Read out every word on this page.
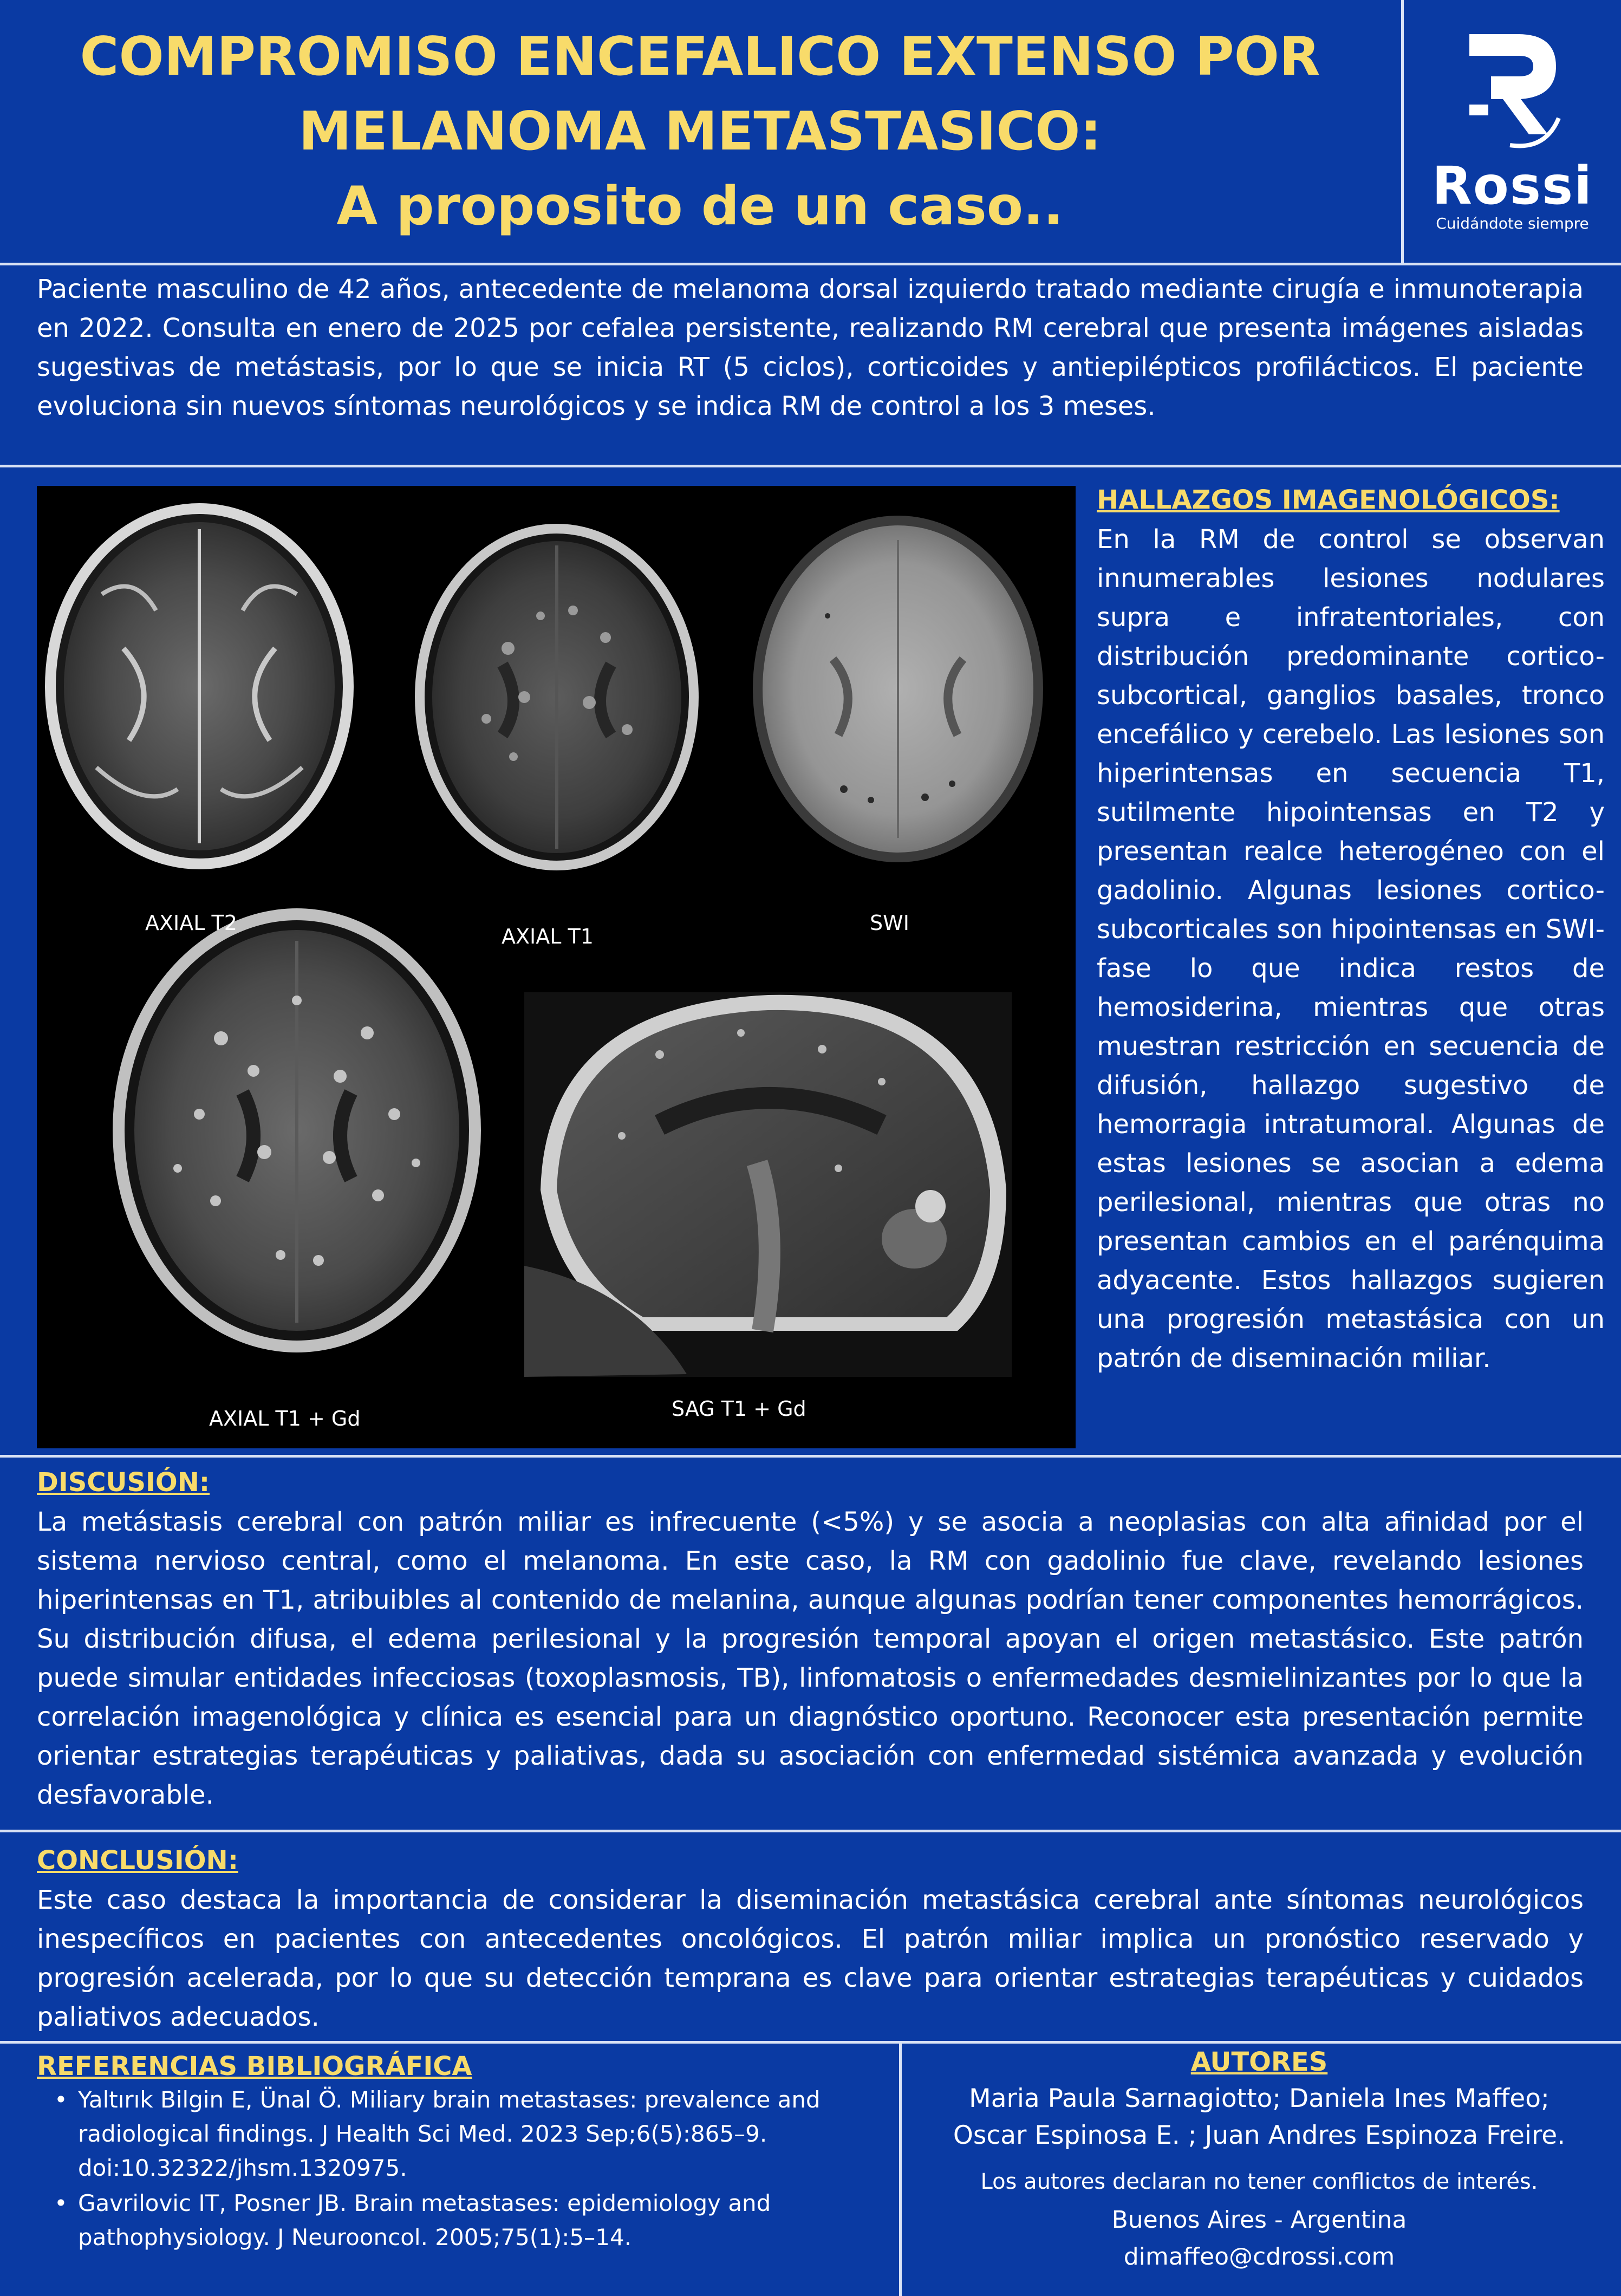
COMPROMISO ENCEFALICO EXTENSO POR
MELANOMA METASTASICO:
A proposito de un caso..	Rossi
Cuidándote siempre
Paciente masculino de 42 años, antecedente de melanoma dorsal izquierdo tratado mediante cirugía e inmunoterapia en 2022. Consulta en enero de 2025 por cefalea persistente, realizando RM cerebral que presenta imágenes aisladas sugestivas de metástasis, por lo que se inicia RT (5 ciclos), corticoides y antiepilépticos profilácticos. El paciente evoluciona sin nuevos síntomas neurológicos y se indica RM de control a los 3 meses.
AXIAL T2
AXIAL T1
SWI
AXIAL T1 + Gd	SAG T1 + Gd
HALLAZGOS IMAGENOLÓGICOS:
En la RM de control se observan innumerables lesiones nodulares supra e infratentoriales, con distribución predominante cortico-subcortical, ganglios basales, tronco encefálico y cerebelo. Las lesiones son hiperintensas en secuencia T1, sutilmente hipointensas en T2 y presentan realce heterogéneo con el gadolinio. Algunas lesiones cortico-subcorticales son hipointensas en SWI-fase lo que indica restos de hemosiderina, mientras que otras muestran restricción en secuencia de difusión, hallazgo sugestivo de hemorragia intratumoral. Algunas de estas lesiones se asocian a edema perilesional, mientras que otras no presentan cambios en el parénquima adyacente. Estos hallazgos sugieren una progresión metastásica con un patrón de diseminación miliar.
DISCUSIÓN:
La metástasis cerebral con patrón miliar es infrecuente (<5%) y se asocia a neoplasias con alta afinidad por el sistema nervioso central, como el melanoma. En este caso, la RM con gadolinio fue clave, revelando lesiones hiperintensas en T1, atribuibles al contenido de melanina, aunque algunas podrían tener componentes hemorrágicos. Su distribución difusa, el edema perilesional y la progresión temporal apoyan el origen metastásico. Este patrón puede simular entidades infecciosas (toxoplasmosis, TB), linfomatosis o enfermedades desmielinizantes por lo que la correlación imagenológica y clínica es esencial para un diagnóstico oportuno. Reconocer esta presentación permite orientar estrategias terapéuticas y paliativas, dada su asociación con enfermedad sistémica avanzada y evolución desfavorable.
CONCLUSIÓN:
Este caso destaca la importancia de considerar la diseminación metastásica cerebral ante síntomas neurológicos inespecíficos en pacientes con antecedentes oncológicos. El patrón miliar implica un pronóstico reservado y progresión acelerada, por lo que su detección temprana es clave para orientar estrategias terapéuticas y cuidados paliativos adecuados.
REFERENCIAS BIBLIOGRÁFICA
• Yaltırık Bilgin E, Ünal Ö. Miliary brain metastases: prevalence and radiological findings. J Health Sci Med. 2023 Sep;6(5):865–9. doi:10.32322/jhsm.1320975.
• Gavrilovic IT, Posner JB. Brain metastases: epidemiology and pathophysiology. J Neurooncol. 2005;75(1):5–14.
AUTORES
Maria Paula Sarnagiotto; Daniela Ines Maffeo;
Oscar Espinosa E. ; Juan Andres Espinoza Freire.
Los autores declaran no tener conflictos de interés.
Buenos Aires - Argentina
dimaffeo@cdrossi.com
